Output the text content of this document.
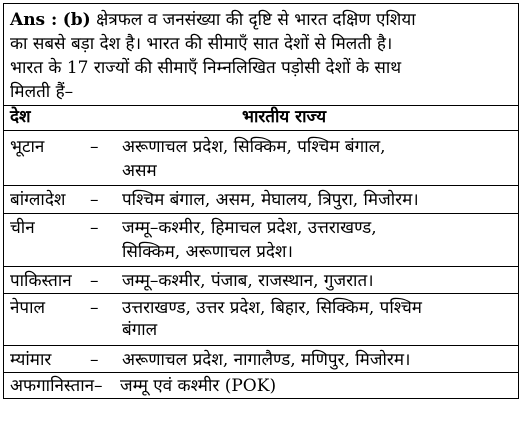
Ans : (b) क्षेत्रफल व जनसंख्या की दृष्टि से भारत दक्षिण एशिया
का सबसे बड़ा देश है। भारत की सीमाएँ सात देशों से मिलती है।
भारत के 17 राज्यों की सीमाएँ निम्नलिखित पड़ोसी देशों के साथ
मिलती हैं–
देश	भारतीय राज्य
भूटान	– अरूणाचल प्रदेश, सिक्किम, पश्चिम बंगाल,
असम
बांग्लादेश – पश्चिम बंगाल, असम, मेघालय, त्रिपुरा, मिजोरम।
चीन	– जम्मू–कश्मीर, हिमाचल प्रदेश, उत्तराखण्ड,
सिक्किम, अरूणाचल प्रदेश।
पाकिस्तान – जम्मू–कश्मीर, पंजाब, राजस्थान, गुजरात।
नेपाल	– उत्तराखण्ड, उत्तर प्रदेश, बिहार, सिक्किम, पश्चिम
बंगाल
म्यांमार – अरूणाचल प्रदेश, नागालैण्ड, मणिपुर, मिजोरम।
अफगानिस्तान– जम्मू एवं कश्मीर (POK)
